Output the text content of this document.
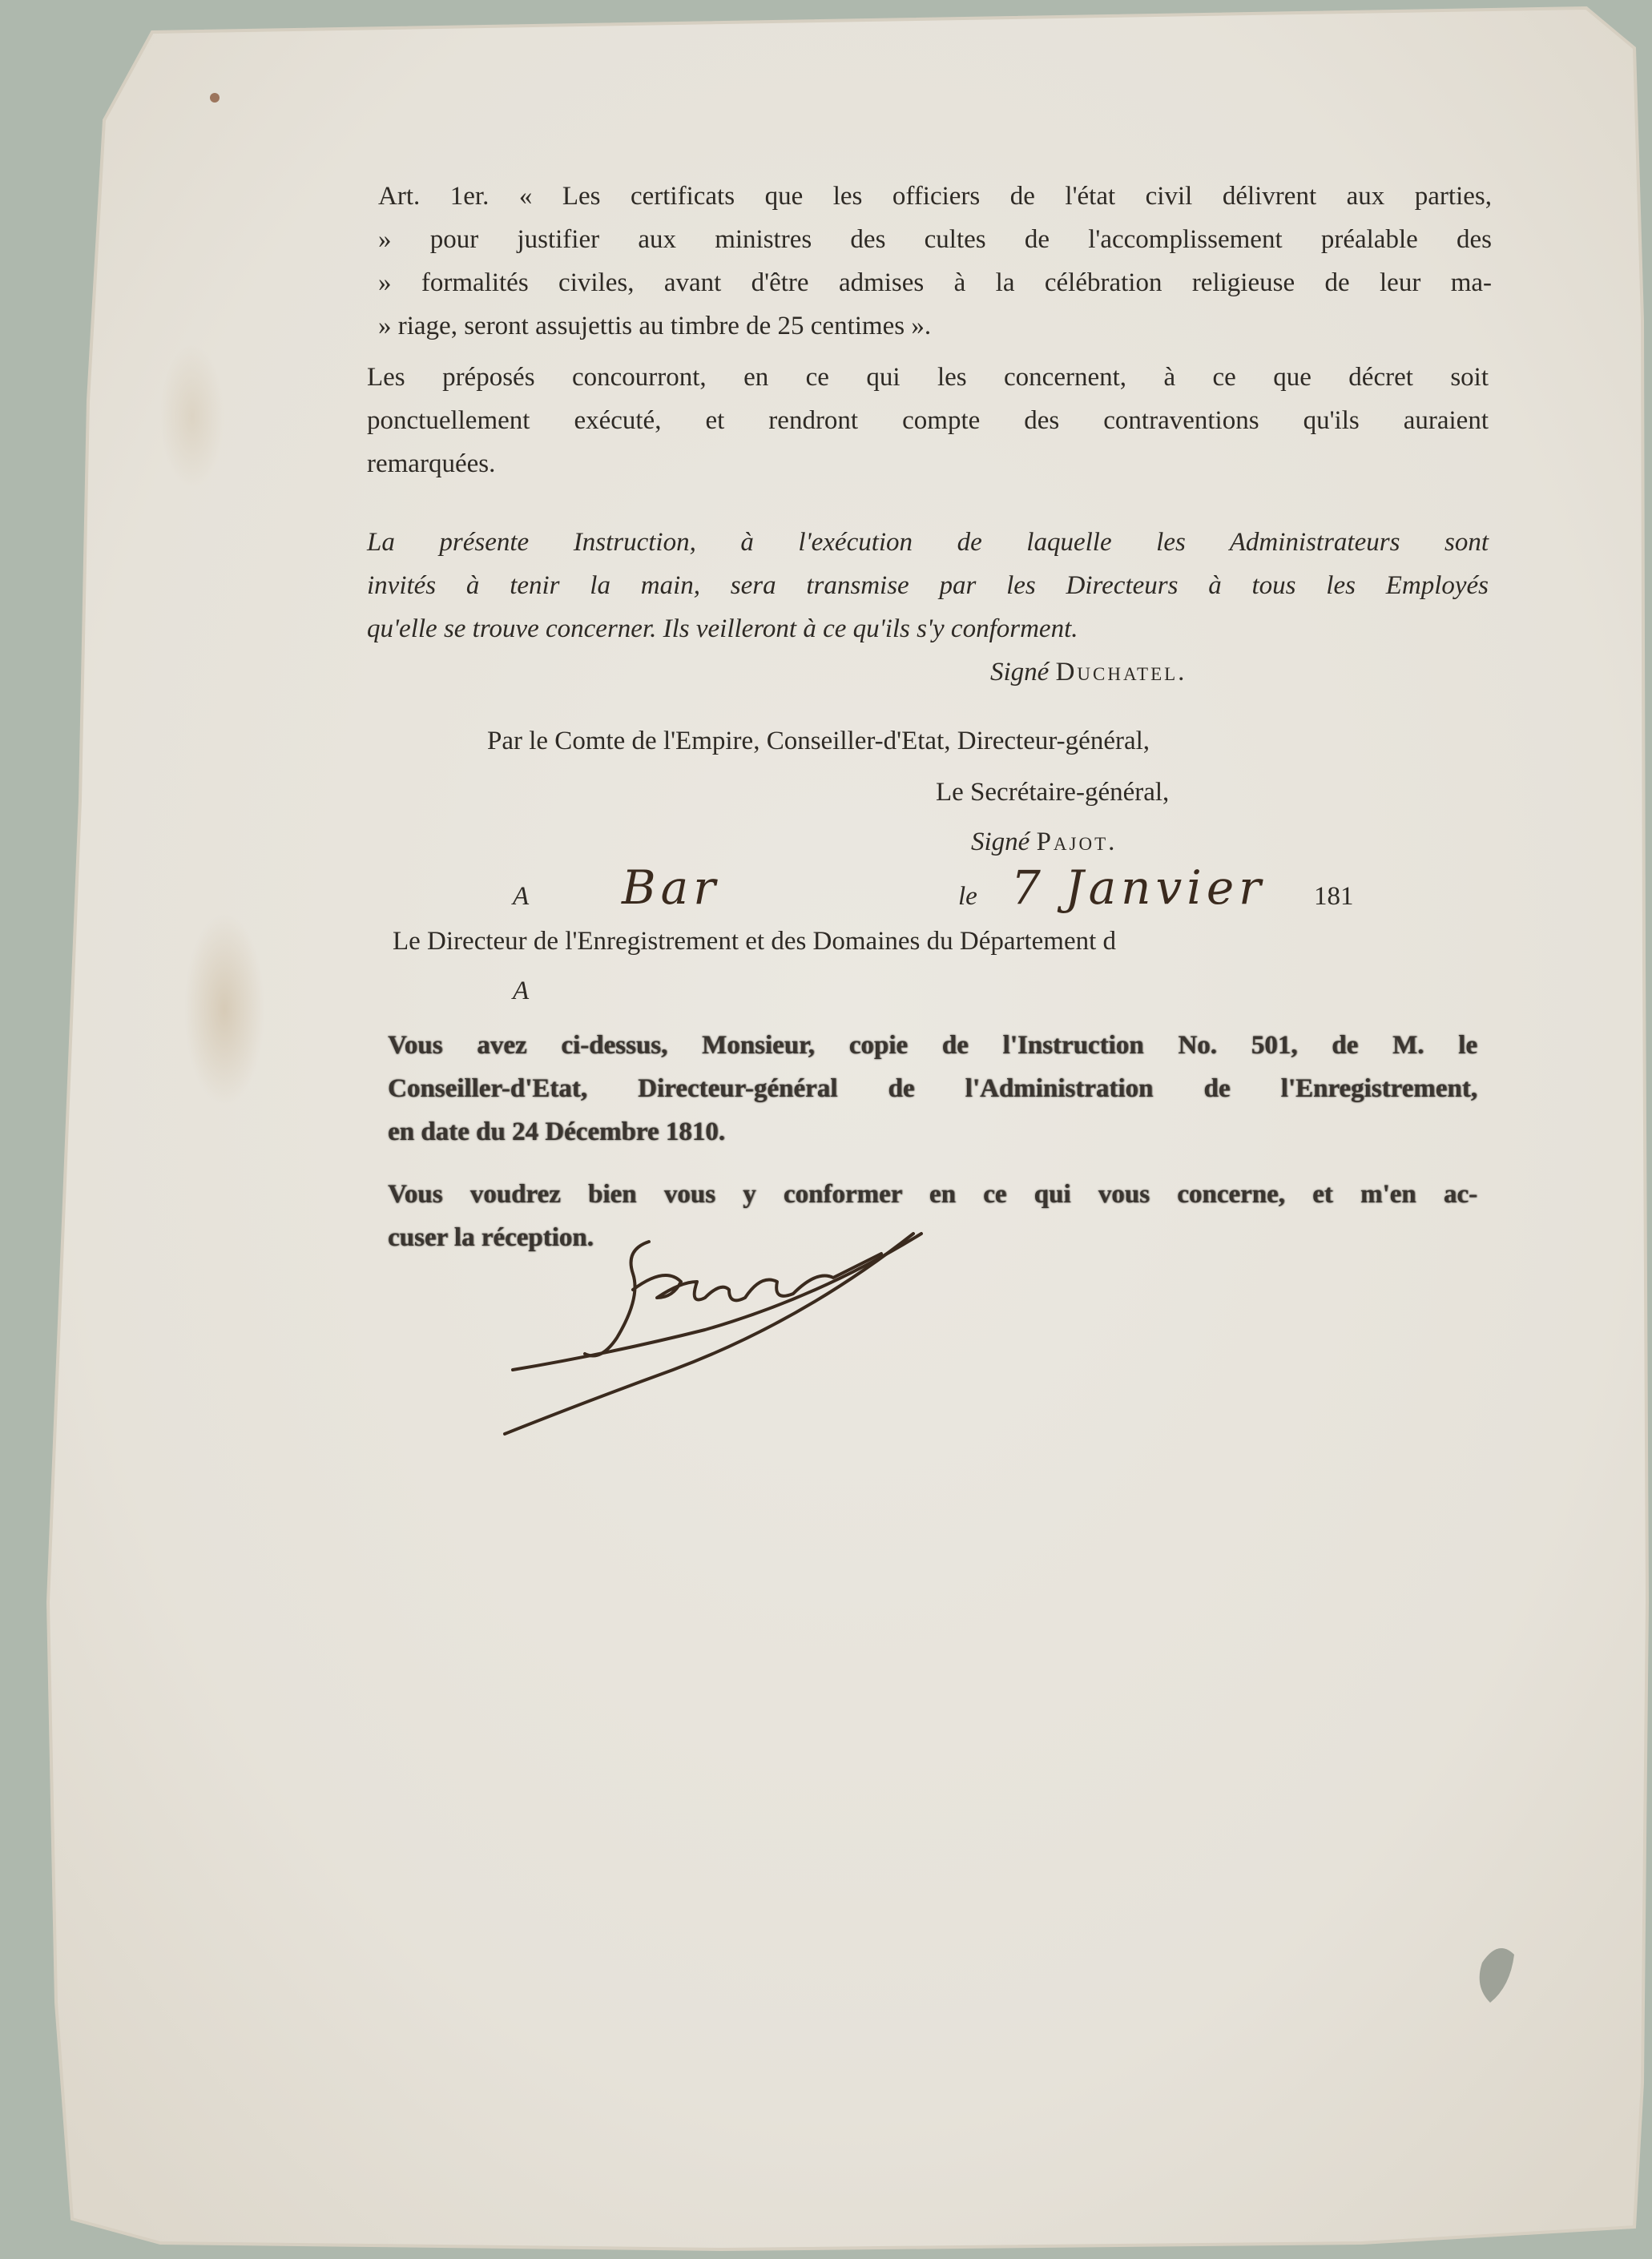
Art. 1er. « Les certificats que les officiers de l'état civil délivrent aux parties,
» pour justifier aux ministres des cultes de l'accomplissement préalable des
» formalités civiles, avant d'être admises à la célébration religieuse de leur ma-
» riage, seront assujettis au timbre de 25 centimes ».
Les préposés concourront, en ce qui les concernent, à ce que décret soit
ponctuellement exécuté, et rendront compte des contraventions qu'ils auraient
remarquées.
La présente Instruction, à l'exécution de laquelle les Administrateurs sont
invités à tenir la main, sera transmise par les Directeurs à tous les Employés
qu'elle se trouve concerner. Ils veilleront à ce qu'ils s'y conforment.
Signé Duchatel.
Par le Comte de l'Empire, Conseiller-d'Etat, Directeur-général,
Le Secrétaire-général,
Signé Pajot.
A Bar	le 7 Janvier 181
Le Directeur de l'Enregistrement et des Domaines du Département d
A
Vous avez ci-dessus, Monsieur, copie de l'Instruction No. 501, de M. le
Conseiller-d'Etat, Directeur-général de l'Administration de l'Enregistrement,
en date du 24 Décembre 1810.
Vous voudrez bien vous y conformer en ce qui vous concerne, et m'en ac-
cuser la réception.
